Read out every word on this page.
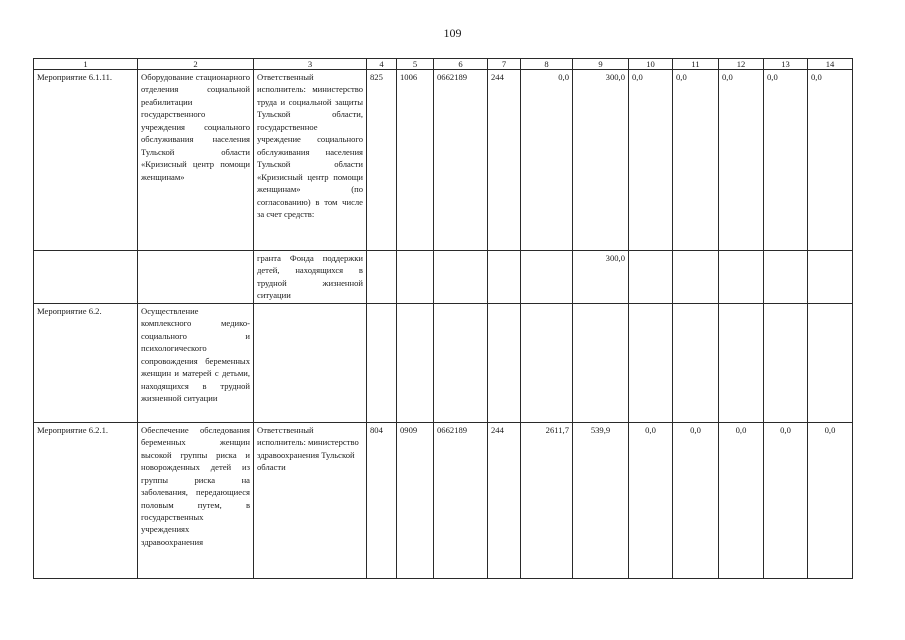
109
1	2	3	4	5	6	7	8	9	10	11	12	13	14
Мероприятие 6.1.11.	Оборудование стационарного отделения социальной реабилитации государственного учреждения социального обслуживания населения Тульской области «Кризисный центр помощи женщинам»	Ответственный исполнитель: министерство труда и социальной защиты Тульской области, государственное учреждение социального обслуживания населения Тульской области «Кризисный центр помощи женщинам» (по согласованию) в том числе за счет средств:	825	1006	0662189	244	0,0	300,0	0,0	0,0	0,0	0,0	0,0
		гранта Фонда поддержки детей, находящихся в трудной жизненной ситуации						300,0					
Мероприятие 6.2.	Осуществление комплексного медико-социального и психологического сопровождения беременных женщин и матерей с детьми, находящихся в трудной жизненной ситуации												
Мероприятие 6.2.1.	Обеспечение обследования беременных женщин высокой группы риска и новорожденных детей из группы риска на заболевания, передающиеся половым путем, в государственных учреждениях здравоохранения	Ответственный исполнитель: министерство здравоохранения Тульской области	804	0909	0662189	244	2611,7	539,9	0,0	0,0	0,0	0,0	0,0
